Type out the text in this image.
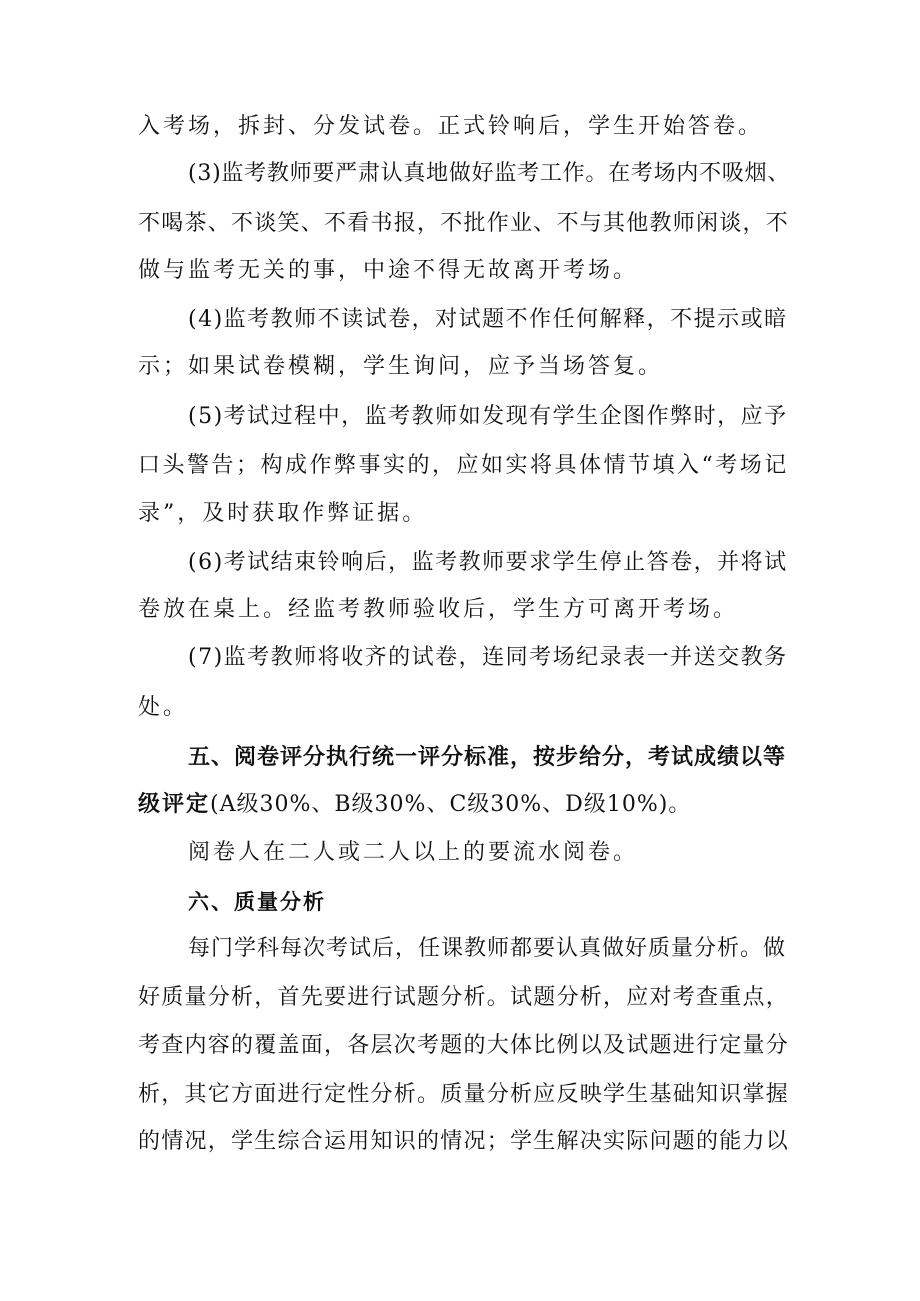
入考场，拆封、分发试卷。正式铃响后，学生开始答卷。
(3)监考教师要严肃认真地做好监考工作。在考场内不吸烟、
不喝茶、不谈笑、不看书报，不批作业、不与其他教师闲谈，不
做与监考无关的事，中途不得无故离开考场。
(4)监考教师不读试卷，对试题不作任何解释，不提示或暗
示；如果试卷模糊，学生询问，应予当场答复。
(5)考试过程中，监考教师如发现有学生企图作弊时，应予
口头警告；构成作弊事实的，应如实将具体情节填入“考场记
录”，及时获取作弊证据。
(6)考试结束铃响后，监考教师要求学生停止答卷，并将试
卷放在桌上。经监考教师验收后，学生方可离开考场。
(7)监考教师将收齐的试卷，连同考场纪录表一并送交教务
处。
五、阅卷评分执行统一评分标准，按步给分，考试成绩以等
级评定(A级30%、B级30%、C级30%、D级10%)。
阅卷人在二人或二人以上的要流水阅卷。
六、质量分析
每门学科每次考试后，任课教师都要认真做好质量分析。做
好质量分析，首先要进行试题分析。试题分析，应对考查重点，
考查内容的覆盖面，各层次考题的大体比例以及试题进行定量分
析，其它方面进行定性分析。质量分析应反映学生基础知识掌握
的情况，学生综合运用知识的情况；学生解决实际问题的能力以
